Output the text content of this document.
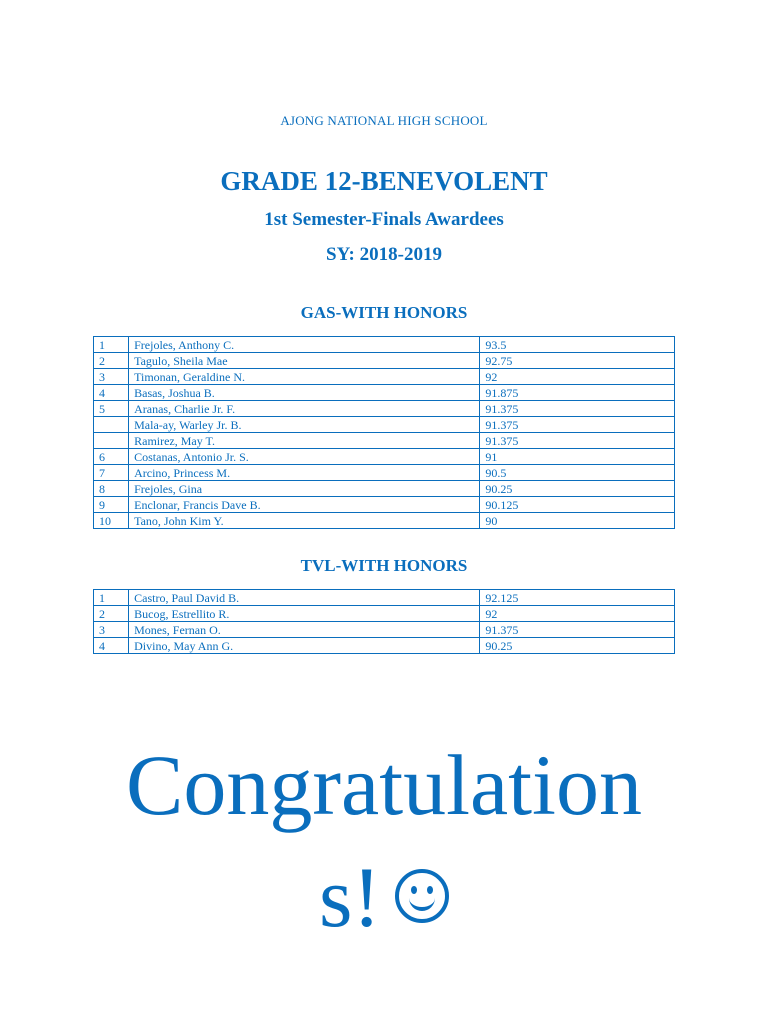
AJONG NATIONAL HIGH SCHOOL
GRADE 12-BENEVOLENT
1st Semester-Finals Awardees
SY: 2018-2019
GAS-WITH HONORS
1	Frejoles, Anthony C.	93.5
2	Tagulo, Sheila Mae	92.75
3	Timonan, Geraldine N.	92
4	Basas, Joshua B.	91.875
5	Aranas, Charlie Jr. F.	91.375
	Mala-ay, Warley Jr. B.	91.375
	Ramirez, May T.	91.375
6	Costanas, Antonio Jr. S.	91
7	Arcino, Princess M.	90.5
8	Frejoles, Gina	90.25
9	Enclonar, Francis Dave B.	90.125
10	Tano, John Kim Y.	90
TVL-WITH HONORS
1	Castro, Paul David B.	92.125
2	Bucog, Estrellito R.	92
3	Mones, Fernan O.	91.375
4	Divino, May Ann G.	90.25
Congratulation
s!
